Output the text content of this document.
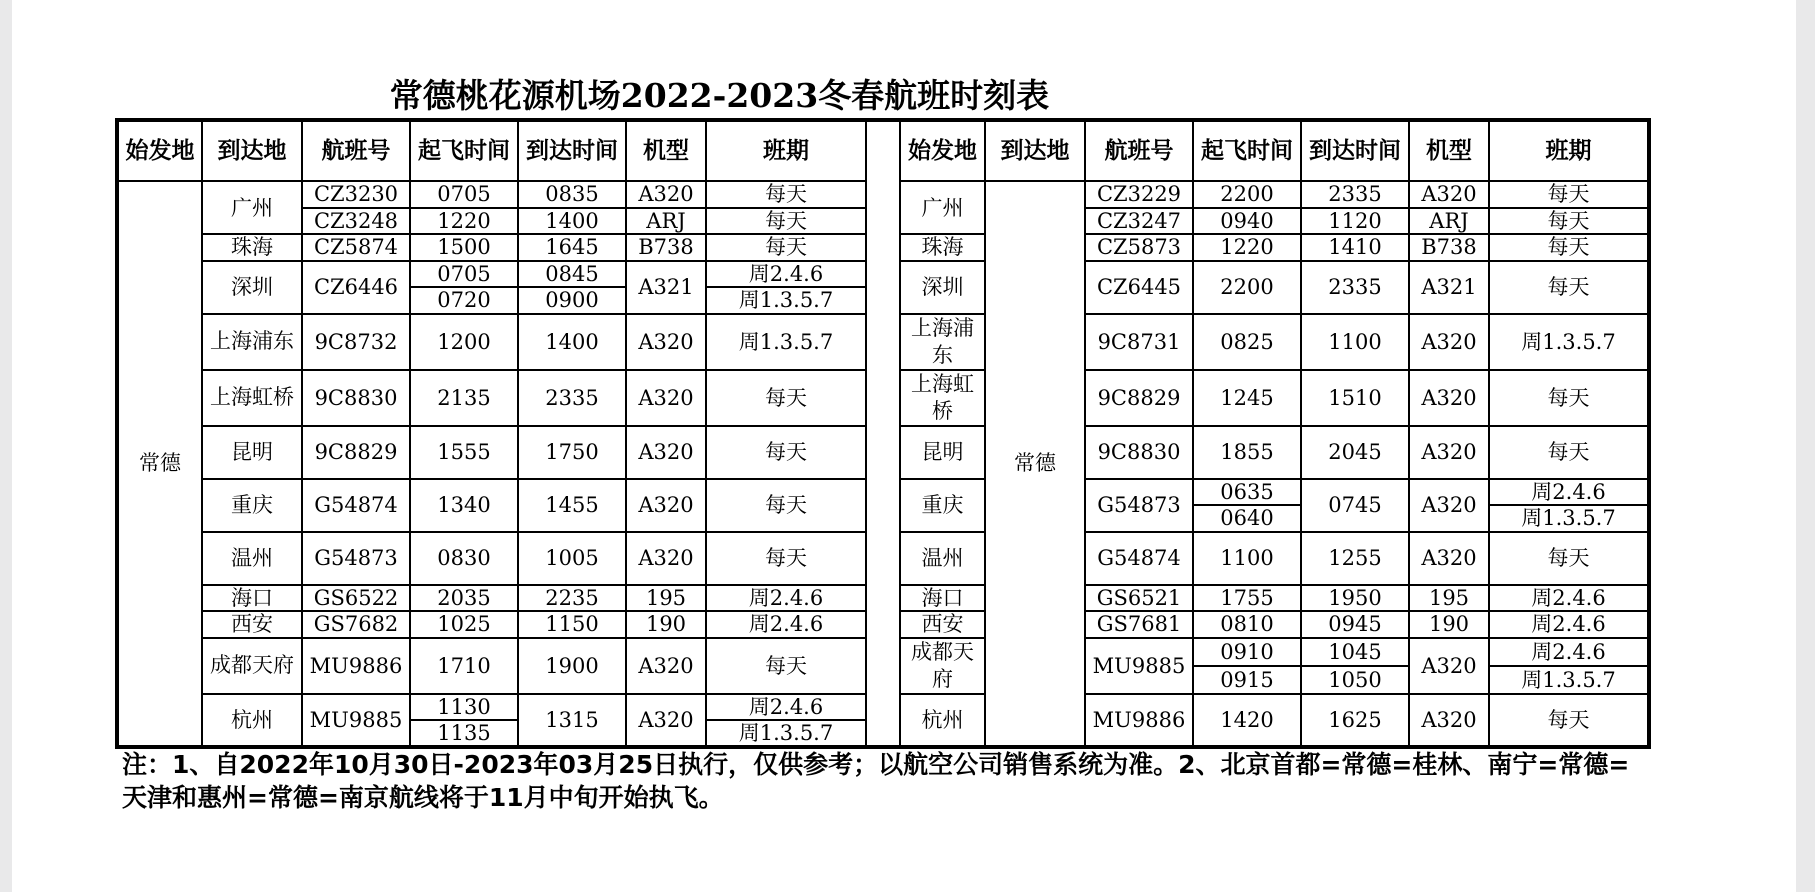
常德桃花源机场2022-2023冬春航班时刻表
始发地	到达地	航班号	起飞时间	到达时间	机型	班期		始发地	到达地	航班号	起飞时间	到达时间	机型	班期
常德	广州	CZ3230	0705	0835	A320	每天		广州	常德	CZ3229	2200	2335	A320	每天
		CZ3248	1220	1400	ARJ	每天				CZ3247	0940	1120	ARJ	每天
	珠海	CZ5874	1500	1645	B738	每天		珠海		CZ5873	1220	1410	B738	每天
	深圳	CZ6446	0705	0845	A321	周2.4.6		深圳		CZ6445	2200	2335	A321	每天
			0720	0900		周1.3.5.7								
	上海浦东	9C8732	1200	1400	A320	周1.3.5.7		上海浦东		9C8731	0825	1100	A320	周1.3.5.7

	上海虹桥	9C8830	2135	2335	A320	每天		上海虹桥		9C8829	1245	1510	A320	每天

	昆明	9C8829	1555	1750	A320	每天		昆明		9C8830	1855	2045	A320	每天

	重庆	G54874	1340	1455	A320	每天		重庆		G54873	0635	0745	A320	周2.4.6
											0640			周1.3.5.7
	温州	G54873	0830	1005	A320	每天		温州		G54874	1100	1255	A320	每天

	海口	GS6522	2035	2235	195	周2.4.6		海口		GS6521	1755	1950	195	周2.4.6
	西安	GS7682	1025	1150	190	周2.4.6		西安		GS7681	0810	0945	190	周2.4.6
	成都天府	MU9886	1710	1900	A320	每天		成都天府		MU9885	0910	1045	A320	周2.4.6
											0915	1050		周1.3.5.7
	杭州	MU9885	1130	1315	A320	周2.4.6		杭州		MU9886	1420	1625	A320	每天
			1135			周1.3.5.7								
注：1、自2022年10月30日-2023年03月25日执行，仅供参考；以航空公司销售系统为准。2、北京首都=常德=桂林、南宁=常德=天津和惠州=常德=南京航线将于11月中旬开始执飞。
